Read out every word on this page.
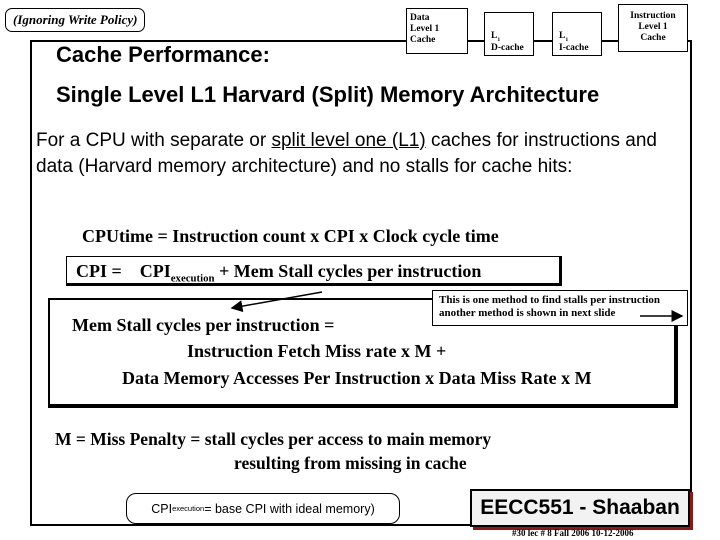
(Ignoring Write Policy)	Data
Level 1
Cache	$L_1$
D-cache
$L_1$
I-cache
Instruction
Level 1
Cache
Cache Performance:
Single Level L1 Harvard (Split) Memory Architecture
For a CPU with separate or split level one (L1) caches for instructions and data (Harvard memory architecture) and no stalls for cache hits:
CPUtime = Instruction count x CPI x Clock cycle time
CPI = $CPI_{execution}$ + Mem Stall cycles per instruction
Mem Stall cycles per instruction =
Instruction Fetch Miss rate x M +
Data Memory Accesses Per Instruction x Data Miss Rate x M
This is one method to find stalls per instruction another method is shown in next slide
M = Miss Penalty = stall cycles per access to main memory
resulting from missing in cache
CPI execution = base CPI with ideal memory)	EECC551 - Shaaban
#30 lec # 8 Fall 2006 10-12-2006
